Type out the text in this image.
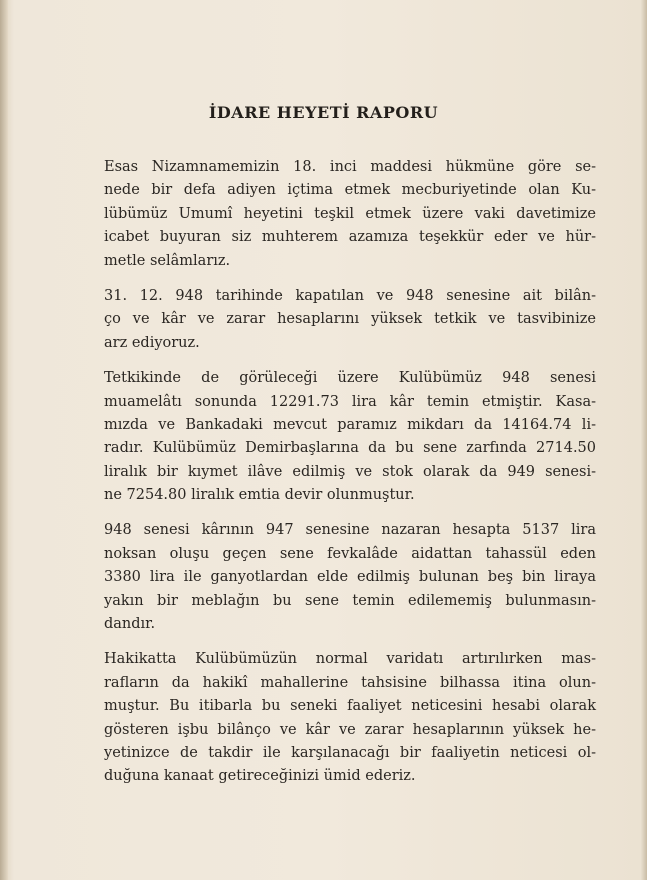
İDARE HEYETİ RAPORU
Esas Nizamnamemizin 18. inci maddesi hükmüne göre se-
nede bir defa adiyen içtima etmek mecburiyetinde olan Ku-
lübümüz Umumî heyetini teşkil etmek üzere vaki davetimize
icabet buyuran siz muhterem azamıza teşekkür eder ve hür-
metle selâmlarız.
31. 12. 948 tarihinde kapatılan ve 948 senesine ait bilân-
ço ve kâr ve zarar hesaplarını yüksek tetkik ve tasvibinize
arz ediyoruz.
Tetkikinde de görüleceği üzere Kulübümüz 948 senesi
muamelâtı sonunda 12291.73 lira kâr temin etmiştir. Kasa-
mızda ve Bankadaki mevcut paramız mikdarı da 14164.74 li-
radır. Kulübümüz Demirbaşlarına da bu sene zarfında 2714.50
liralık bir kıymet ilâve edilmiş ve stok olarak da 949 senesi-
ne 7254.80 liralık emtia devir olunmuştur.
948 senesi kârının 947 senesine nazaran hesapta 5137 lira
noksan oluşu geçen sene fevkalâde aidattan tahassül eden
3380 lira ile ganyotlardan elde edilmiş bulunan beş bin liraya
yakın bir meblağın bu sene temin edilememiş bulunmasın-
dandır.
Hakikatta Kulübümüzün normal varidatı artırılırken mas-
rafların da hakikî mahallerine tahsisine bilhassa itina olun-
muştur. Bu itibarla bu seneki faaliyet neticesini hesabi olarak
gösteren işbu bilânço ve kâr ve zarar hesaplarının yüksek he-
yetinizce de takdir ile karşılanacağı bir faaliyetin neticesi ol-
duğuna kanaat getireceğinizi ümid ederiz.
